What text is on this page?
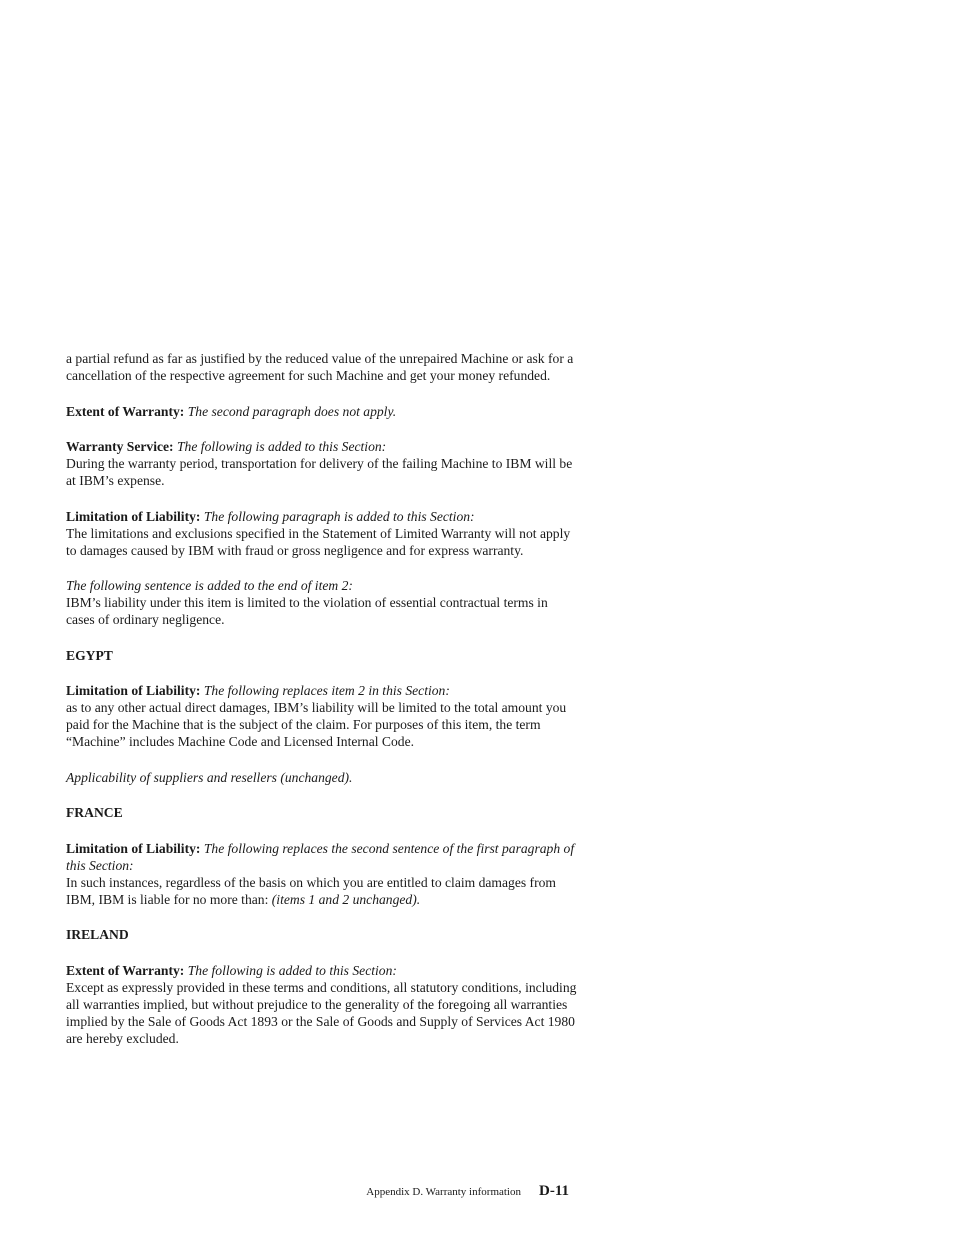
a partial refund as far as justified by the reduced value of the unrepaired Machine or ask for a cancellation of the respective agreement for such Machine and get your money refunded.

Extent of Warranty: The second paragraph does not apply.

Warranty Service: The following is added to this Section:
During the warranty period, transportation for delivery of the failing Machine to IBM will be at IBM’s expense.

Limitation of Liability: The following paragraph is added to this Section:
The limitations and exclusions specified in the Statement of Limited Warranty will not apply to damages caused by IBM with fraud or gross negligence and for express warranty.

The following sentence is added to the end of item 2:
IBM’s liability under this item is limited to the violation of essential contractual terms in cases of ordinary negligence.

EGYPT

Limitation of Liability: The following replaces item 2 in this Section:
as to any other actual direct damages, IBM’s liability will be limited to the total amount you paid for the Machine that is the subject of the claim. For purposes of this item, the term “Machine” includes Machine Code and Licensed Internal Code.

Applicability of suppliers and resellers (unchanged).

FRANCE

Limitation of Liability: The following replaces the second sentence of the first paragraph of this Section:
In such instances, regardless of the basis on which you are entitled to claim damages from IBM, IBM is liable for no more than: (items 1 and 2 unchanged).

IRELAND

Extent of Warranty: The following is added to this Section:
Except as expressly provided in these terms and conditions, all statutory conditions, including all warranties implied, but without prejudice to the generality of the foregoing all warranties implied by the Sale of Goods Act 1893 or the Sale of Goods and Supply of Services Act 1980 are hereby excluded.

Appendix D. Warranty information D-11
